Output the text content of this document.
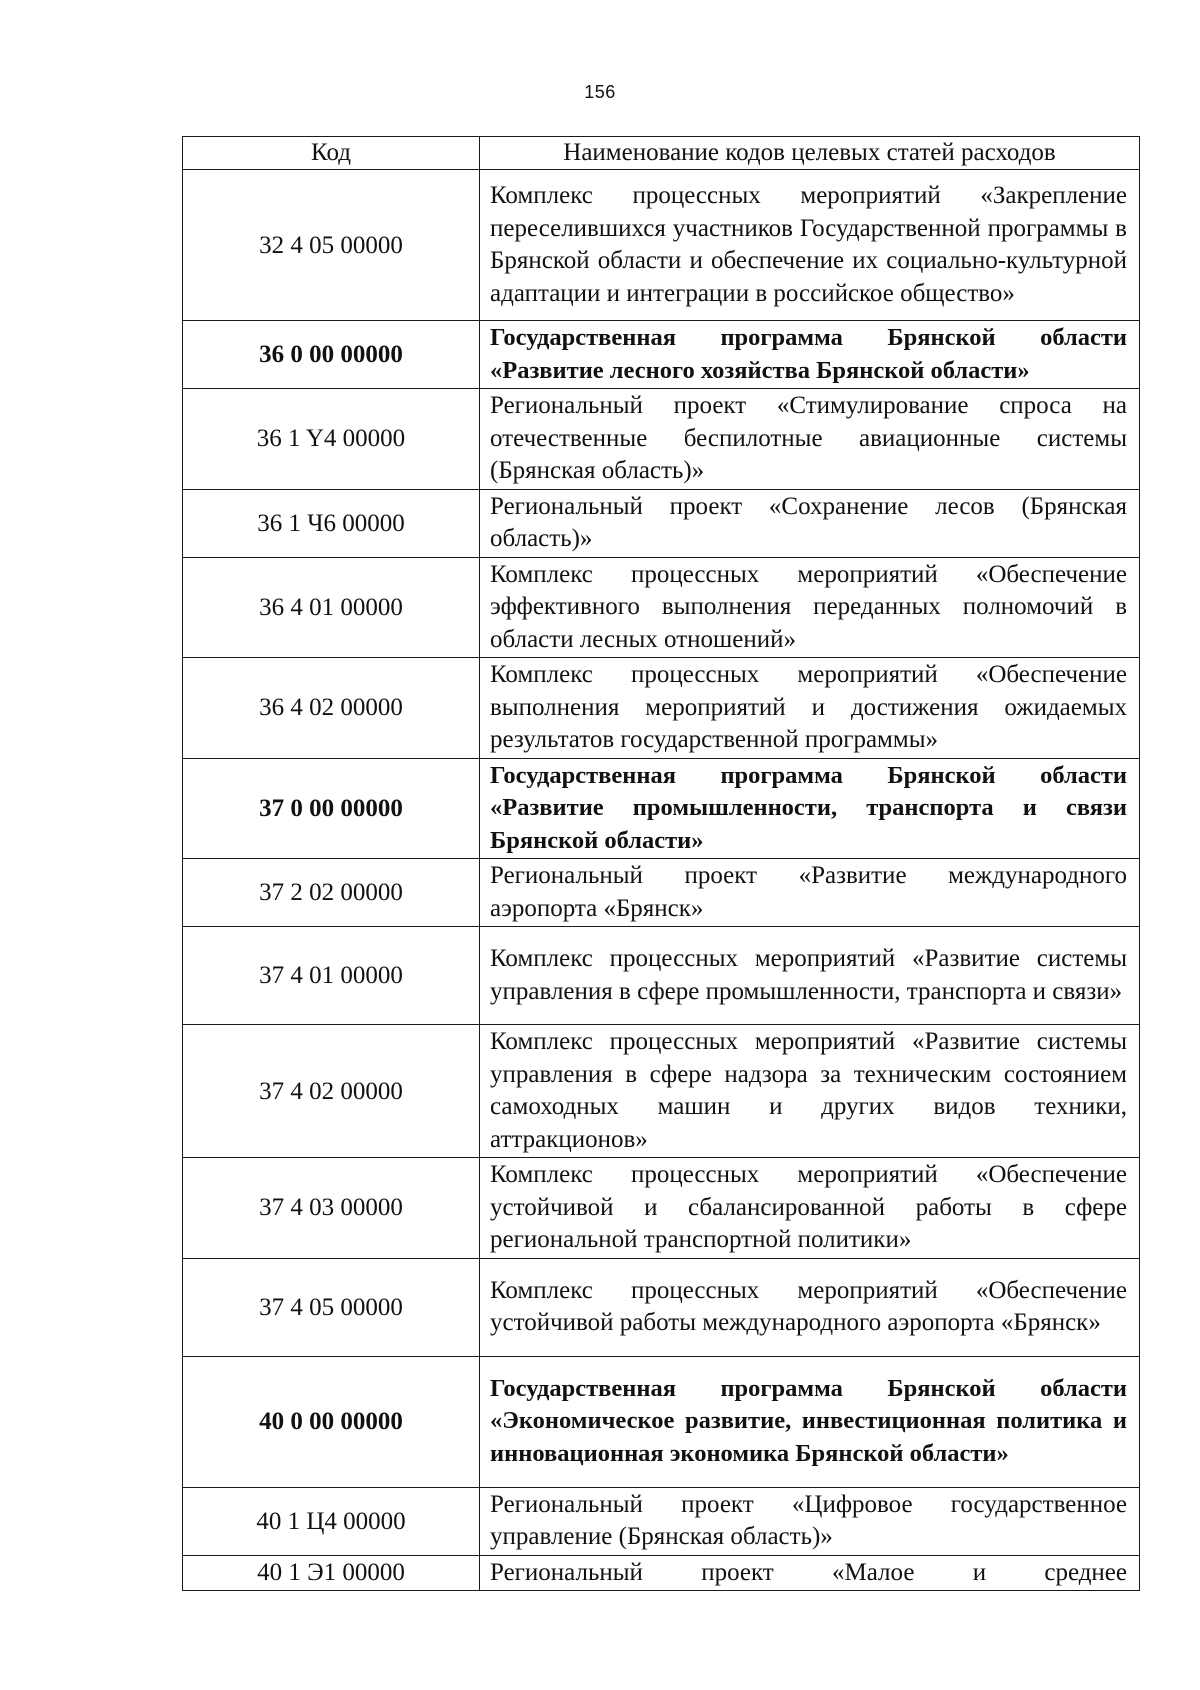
156
Код	Наименование кодов целевых статей расходов
32 4 05 00000	Комплекс процессных мероприятий «Закрепление переселившихся участников Государственной программы в Брянской области и обеспечение их социально-культурной адаптации и интеграции в российское общество»
36 0 00 00000	Государственная программа Брянской области «Развитие лесного хозяйства Брянской области»
36 1 Y4 00000	Региональный проект «Стимулирование спроса на отечественные беспилотные авиационные системы (Брянская область)»
36 1 Ч6 00000	Региональный проект «Сохранение лесов (Брянская область)»
36 4 01 00000	Комплекс процессных мероприятий «Обеспечение эффективного выполнения переданных полномочий в области лесных отношений»
36 4 02 00000	Комплекс процессных мероприятий «Обеспечение выполнения мероприятий и достижения ожидаемых результатов государственной программы»
37 0 00 00000	Государственная программа Брянской области «Развитие промышленности, транспорта и связи Брянской области»
37 2 02 00000	Региональный проект «Развитие международного аэропорта «Брянск»
37 4 01 00000	Комплекс процессных мероприятий «Развитие системы управления в сфере промышленности, транспорта и связи»
37 4 02 00000	Комплекс процессных мероприятий «Развитие системы управления в сфере надзора за техническим состоянием самоходных машин и других видов техники, аттракционов»
37 4 03 00000	Комплекс процессных мероприятий «Обеспечение устойчивой и сбалансированной работы в сфере региональной транспортной политики»
37 4 05 00000	Комплекс процессных мероприятий «Обеспечение устойчивой работы международного аэропорта «Брянск»
40 0 00 00000	Государственная программа Брянской области «Экономическое развитие, инвестиционная политика и инновационная экономика Брянской области»
40 1 Ц4 00000	Региональный проект «Цифровое государственное управление (Брянская область)»
40 1 Э1 00000	Региональный проект «Малое и среднее
